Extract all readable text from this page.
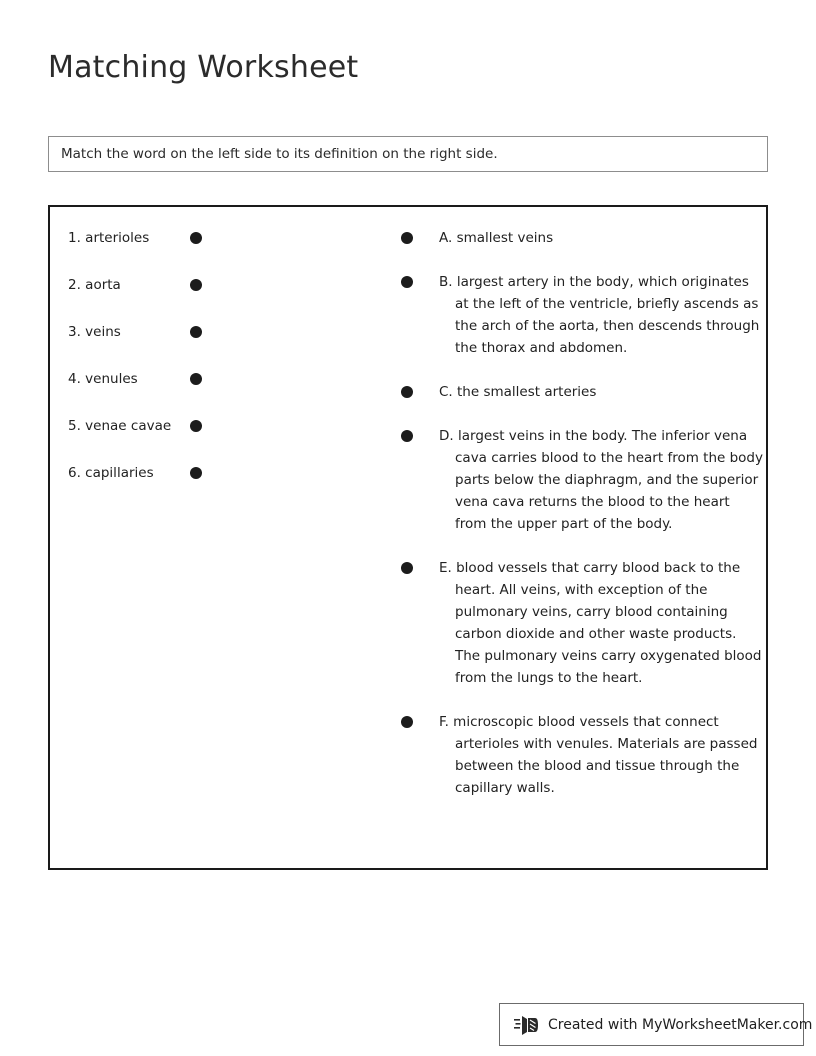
Matching Worksheet
Match the word on the left side to its definition on the right side.
1. arterioles
2. aorta
3. veins
4. venules
5. venae cavae
6. capillaries
A. smallest veins
B. largest artery in the body, which originates at the left of the ventricle, briefly ascends as the arch of the aorta, then descends through the thorax and abdomen.
C. the smallest arteries
D. largest veins in the body. The inferior vena cava carries blood to the heart from the body parts below the diaphragm, and the superior vena cava returns the blood to the heart from the upper part of the body.
E. blood vessels that carry blood back to the heart. All veins, with exception of the pulmonary veins, carry blood containing carbon dioxide and other waste products. The pulmonary veins carry oxygenated blood from the lungs to the heart.
F. microscopic blood vessels that connect arterioles with venules. Materials are passed between the blood and tissue through the capillary walls.
Created with MyWorksheetMaker.com
